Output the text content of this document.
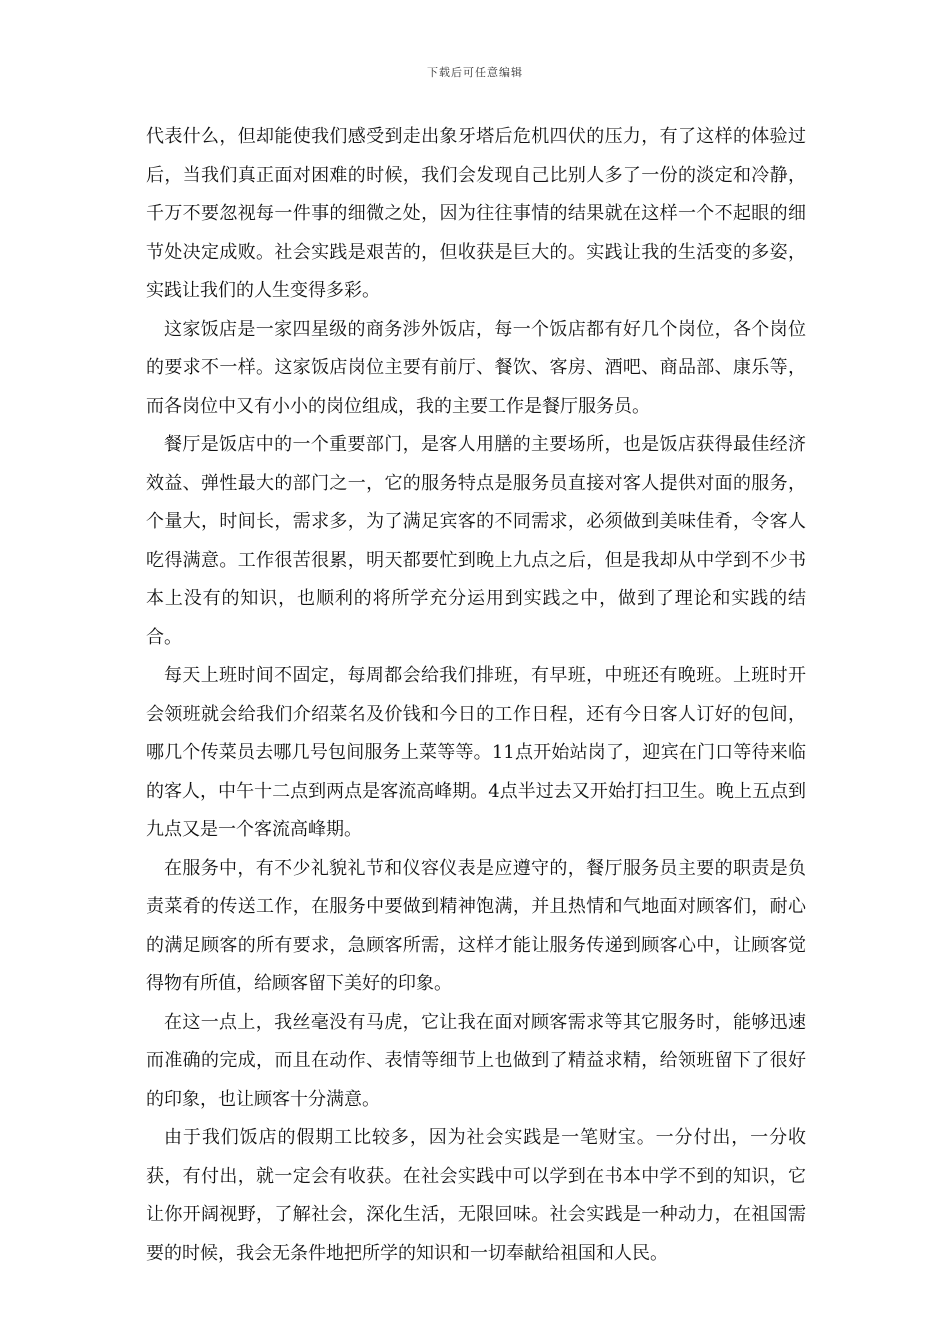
下载后可任意编辑

代表什么，但却能使我们感受到走出象牙塔后危机四伏的压力，有了这样的体验过后，当我们真正面对困难的时候，我们会发现自己比别人多了一份的淡定和冷静，千万不要忽视每一件事的细微之处，因为往往事情的结果就在这样一个不起眼的细节处决定成败。社会实践是艰苦的，但收获是巨大的。实践让我的生活变的多姿，实践让我们的人生变得多彩。

这家饭店是一家四星级的商务涉外饭店，每一个饭店都有好几个岗位，各个岗位的要求不一样。这家饭店岗位主要有前厅、餐饮、客房、酒吧、商品部、康乐等，而各岗位中又有小小的岗位组成，我的主要工作是餐厅服务员。

餐厅是饭店中的一个重要部门，是客人用膳的主要场所，也是饭店获得最佳经济效益、弹性最大的部门之一，它的服务特点是服务员直接对客人提供对面的服务，个量大，时间长，需求多，为了满足宾客的不同需求，必须做到美味佳肴，令客人吃得满意。工作很苦很累，明天都要忙到晚上九点之后，但是我却从中学到不少书本上没有的知识，也顺利的将所学充分运用到实践之中，做到了理论和实践的结合。

每天上班时间不固定，每周都会给我们排班，有早班，中班还有晚班。上班时开会领班就会给我们介绍菜名及价钱和今日的工作日程，还有今日客人订好的包间，哪几个传菜员去哪几号包间服务上菜等等。11点开始站岗了，迎宾在门口等待来临的客人，中午十二点到两点是客流高峰期。4点半过去又开始打扫卫生。晚上五点到九点又是一个客流高峰期。

在服务中，有不少礼貌礼节和仪容仪表是应遵守的，餐厅服务员主要的职责是负责菜肴的传送工作，在服务中要做到精神饱满，并且热情和气地面对顾客们，耐心的满足顾客的所有要求，急顾客所需，这样才能让服务传递到顾客心中，让顾客觉得物有所值，给顾客留下美好的印象。

在这一点上，我丝毫没有马虎，它让我在面对顾客需求等其它服务时，能够迅速而准确的完成，而且在动作、表情等细节上也做到了精益求精，给领班留下了很好的印象，也让顾客十分满意。

由于我们饭店的假期工比较多，因为社会实践是一笔财宝。一分付出，一分收获，有付出，就一定会有收获。在社会实践中可以学到在书本中学不到的知识，它让你开阔视野，了解社会，深化生活，无限回味。社会实践是一种动力，在祖国需要的时候，我会无条件地把所学的知识和一切奉献给祖国和人民。
